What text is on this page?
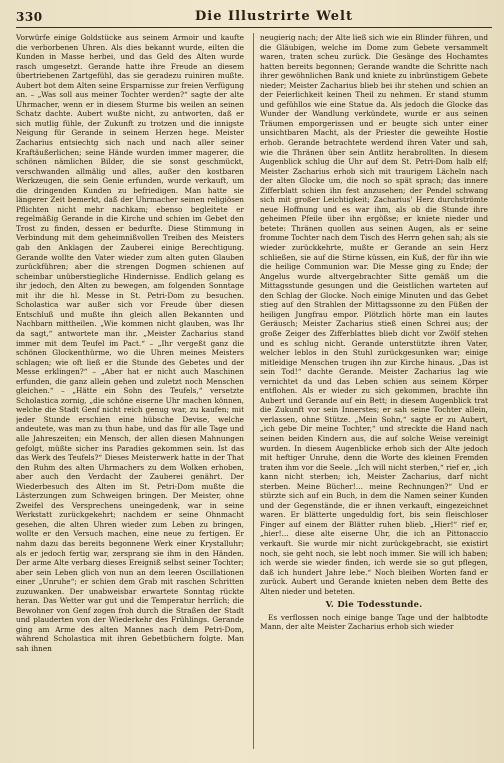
330	Die Illustrirte Welt

Vorwürfe einige Goldstücke aus seinem Armoir und kaufte die verborbenen Uhren. Als dies bekannt wurde, eilten die Kunden in Masse herbei, und das Geld des Alten wurde rasch umgesetzt. Gerande hatte ihre Freude an diesem übertriebenen Zartgefühl, das sie geradezu ruiniren mußte. Aubert bot dem Alten seine Ersparnisse zur freien Verfügung an. – „Was soll aus meiner Tochter werden?“ sagte der alte Uhrmacher, wenn er in diesem Sturme bis weilen an seinen Schatz dachte. Aubert wußte nicht, zu antworten, daß er sich mutlig fühle, der Zukunft zu trotzen und die innigste Neigung für Gerande in seinem Herzen hege. Meister Zacharius entsiechtg sich nach und nach aller seiner Kraftäußerlichen; seine Hände wurden immer magerer, die schönen nämlichen Bilder, die sie sonst geschmückt, verschwanden allmälig und alles, außer den kostbaren Werkzeugen, die sein Genie erfunden, wurde verkauft, um die dringenden Kunden zu befriedigen. Man hatte sie längerer Zeit bemerkt, daß der Uhrmacher seinen religiösen Pflichten nicht mehr nachkam; ebenso begleitete er regelmäßig Gerande in die Kirche und schien im Gebet den Trost zu finden, dessen er bedurfte. Diese Stimmung in Verbindung mit dem geheimnißvollen Treiben des Meisters gab den Anklagen der Zauberei einige Berechtigung. Gerande wollte den Vater wieder zum alten guten Glauben zurückführen; aber die strengen Dogmen schienen auf scheinbar unüberstiegliche Hindernisse. Endlich gelang es ihr jedoch, den Alten zu bewegen, am folgenden Sonntage mit ihr die hl. Messe in St. Petri-Dom zu besuchen. Scholastica war außer sich vor Freude über diesen Entschluß und mußte ihn gleich allen Bekannten und Nachbarn mittheilen. „Wie kommen nicht glauben, was Ihr da sagt,“ antwortete man ihr. „Meister Zacharius stand immer mit dem Teufel im Pact.“ – „Ihr vergeßt ganz die schönen Glockenthürme, wo die Uhren meines Meisters schlagen; wie oft ließ er die Stunde des Gebetes und der Messe erklingen?“ – „Aber hat er nicht auch Maschinen erfunden, die ganz allein gehen und zuletzt noch Menschen gleichen.“ – „Hätte ein Sohn des Teufels,“ versetzte Scholastica zornig, „die schöne eiserne Uhr machen können, welche die Stadt Genf nicht reich genug war, zu kaufen; mit jeder Stunde erschien eine hübsche Devise, welche andeutete, was man zu thun habe, und das für alle Tage und alle Jahreszeiten; ein Mensch, der allen diesen Mahnungen gefolgt, müßte sicher ins Paradies gekommen sein. Ist das das Werk des Teufels?“ Dieses Meisterwerk hatte in der That den Ruhm des alten Uhrmachers zu dem Wolken erhoben, aber auch den Verdacht der Zauberei genährt. Der Wiederbesuch des Alten im St. Petri-Dom mußte die Lästerzungen zum Schweigen bringen. Der Meister, ohne Zweifel des Versprechens uneingedenk, war in seine Werkstatt zurückgekehrt; nachdem er seine Ohnmacht gesehen, die alten Uhren wieder zum Leben zu bringen, wollte er den Versuch machen, eine neue zu fertigen. Er nahm dazu das bereits begonnene Werk einer Krystalluhr; als er jedoch fertig war, zersprang sie ihm in den Händen. Der arme Alte verbarg dieses Ereigniß selbst seiner Tochter; aber sein Leben glich von nun an dem leeren Oscillationen einer „Unruhe“; er schien dem Grab mit raschen Schritten zuzuwanken. Der unabweisbar erwartete Sonntag rückte heran. Das Wetter war gut und die Temperatur herrlich; die Bewohner von Genf zogen froh durch die Straßen der Stadt und plauderten von der Wiederkehr des Frühlings. Gerande ging am Arme des alten Mannes nach dem Petri-Dom, während Scholastica mit ihren Gebetbüchern folgte. Man sah ihnen

neugierig nach; der Alte ließ sich wie ein Blinder führen, und die Gläubigen, welche im Dome zum Gebete versammelt waren, traten scheu zurück. Die Gesänge des Hochamtes hatten bereits begonnen; Gerande wandte die Schritte nach ihrer gewöhnlichen Bank und kniete zu inbrünstigem Gebete nieder; Meister Zacharius blieb bei ihr stehen und schien an der Feierlichkeit keinen Theil zu nehmen. Er stand stumm und gefühllos wie eine Statue da. Als jedoch die Glocke das Wunder der Wandlung verkündete, wurde er aus seinen Träumen emporgerissen und er beugte sich unter einer unsichtbaren Macht, als der Priester die geweihte Hostie erhob. Gerande betrachtete werdend ihren Vater und sah, wie die Thränen über sein Antlitz herabrollten. In diesem Augenblick schlug die Uhr auf dem St. Petri-Dom halb elf; Meister Zacharius erhob sich mit traurigem Lächeln nach der alten Glocke um, die noch so spät sprach; das innere Zifferblatt schien ihn fest anzusehen; der Pendel schwang sich mit großer Leichtigkeit; Zacharius' Herz durchströmte neue Hoffnung und es war ihm, als ob die Stunde ihre geheimen Pfeile über ihn ergößse; er kniete nieder und betete: Thränen quollen aus seinen Augen, als er seine fromme Tochter nach dem Tisch des Herrn gehen sah; als sie wieder zurückkehrte, mußte er Gerande an sein Herz schließen, sie auf die Stirne küssen, ein Kuß, der für ihn wie die heilige Communion war. Die Messe ging zu Ende; der Angelus wurde altvergebrachter Sitte gemäß um die Mittagsstunde gesungen und die Geistlichen warteten auf den Schlag der Glocke. Noch einige Minuten und das Gebet stieg auf den Strahlen der Mittagssonne zu den Füßen der heiligen Jungfrau empor. Plötzlich hörte man ein lautes Geräusch; Meister Zacharius stieß einen Schrei aus; der große Zeiger des Zifferblattes blieb dicht vor Zwölf stehen und es schlug nicht. Gerande unterstützte ihren Vater, welcher leblos in den Stuhl zurückgesunken war; einige mitleidige Menschen trugen ihn zur Kirche hinaus. „Das ist sein Tod!“ dachte Gerande. Meister Zacharius lag wie vernichtet da und das Leben schien aus seinem Körper entflohen. Als er wieder zu sich gekommen, brachte ihn Aubert und Gerande auf ein Bett; in diesem Augenblick trat die Zukunft vor sein Innerstes; er sah seine Tochter allein, verlassen, ohne Stütze. „Mein Sohn,“ sagte er zu Aubert, „ich gebe Dir meine Tochter,“ und streckte die Hand nach seinen beiden Kindern aus, die auf solche Weise vereinigt wurden. In diesem Augenblicke erhob sich der Alte jedoch mit heftiger Unruhe, denn die Worte des kleinen Fremden traten ihm vor die Seele. „Ich will nicht sterben,“ rief er, „ich kann nicht sterben; ich, Meister Zacharius, darf nicht sterben. Meine Bücher!… meine Rechnungen?“ Und er stürzte sich auf ein Buch, in dem die Namen seiner Kunden und der Gegenstände, die er ihnen verkauft, eingezeichnet waren. Er blätterte ungeduldig fort, bis sein fleischloser Finger auf einem der Blätter ruhen blieb. „Hier!“ rief er, „hier!… diese alte eiserne Uhr, die ich an Pittonaccio verkauft. Sie wurde mir nicht zurückgebracht, sie existirt noch, sie geht noch, sie lebt noch immer. Sie will ich haben; ich werde sie wieder finden, ich werde sie so gut pflegen, daß ich hundert Jahre lebe.“ Noch bleiben Worten fand er zurück. Aubert und Gerande knieten neben dem Bette des Alten nieder und beteten.

V. Die Todesstunde.

Es verflossen noch einige bange Tage und der halbtodte Mann, der alte Meister Zacharius erhob sich wieder
